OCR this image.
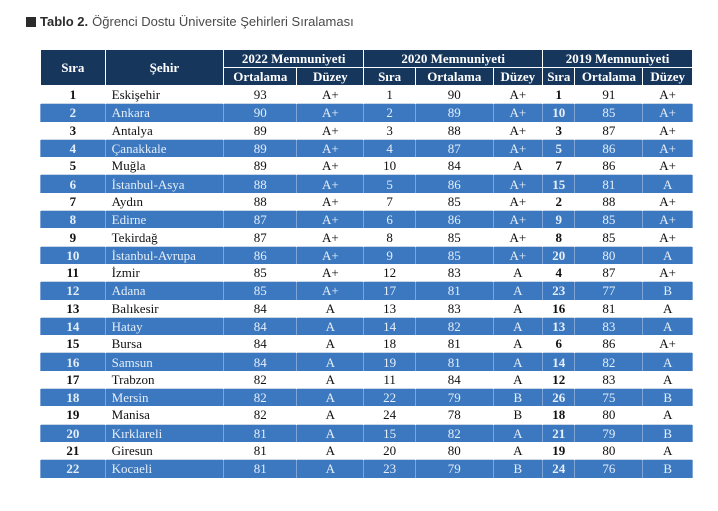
Tablo 2. Öğrenci Dostu Üniversite Şehirleri Sıralaması
Sıra	Şehir	2022 Memnuniyeti		2020 Memnuniyeti			2019 Memnuniyeti		
		Ortalama	Düzey	Sıra	Ortalama	Düzey	Sıra	Ortalama	Düzey
1	Eskişehir	93	A+	1	90	A+	1	91	A+
2	Ankara	90	A+	2	89	A+	10	85	A+
3	Antalya	89	A+	3	88	A+	3	87	A+
4	Çanakkale	89	A+	4	87	A+	5	86	A+
5	Muğla	89	A+	10	84	A	7	86	A+
6	İstanbul-Asya	88	A+	5	86	A+	15	81	A
7	Aydın	88	A+	7	85	A+	2	88	A+
8	Edirne	87	A+	6	86	A+	9	85	A+
9	Tekirdağ	87	A+	8	85	A+	8	85	A+
10	İstanbul-Avrupa	86	A+	9	85	A+	20	80	A
11	İzmir	85	A+	12	83	A	4	87	A+
12	Adana	85	A+	17	81	A	23	77	B
13	Balıkesir	84	A	13	83	A	16	81	A
14	Hatay	84	A	14	82	A	13	83	A
15	Bursa	84	A	18	81	A	6	86	A+
16	Samsun	84	A	19	81	A	14	82	A
17	Trabzon	82	A	11	84	A	12	83	A
18	Mersin	82	A	22	79	B	26	75	B
19	Manisa	82	A	24	78	B	18	80	A
20	Kırklareli	81	A	15	82	A	21	79	B
21	Giresun	81	A	20	80	A	19	80	A
22	Kocaeli	81	A	23	79	B	24	76	B
